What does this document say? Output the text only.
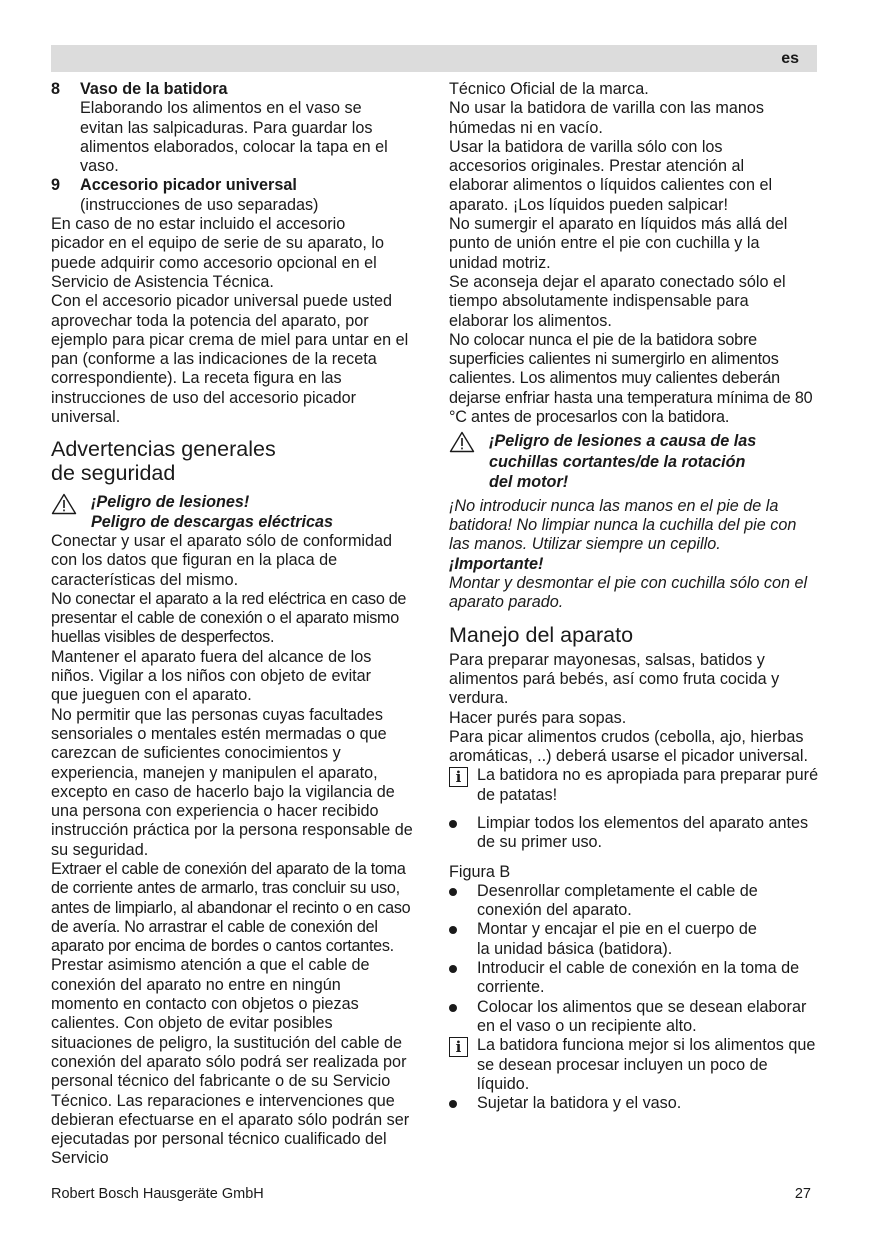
es
8	Vaso de la batidora

Elaborando los alimentos en el vaso se evitan las salpicaduras. Para guardar los alimentos elaborados, colocar la tapa en el vaso.

9	Accesorio picador universal

(instrucciones de uso separadas)

En caso de no estar incluido el accesorio picador en el equipo de serie de su aparato, lo puede adquirir como accesorio opcional en el Servicio de Asistencia Técnica.

Con el accesorio picador universal puede usted aprovechar toda la potencia del aparato, por ejemplo para picar crema de miel para untar en el pan (conforme a las indicaciones de la receta correspondiente). La receta figura en las instrucciones de uso del accesorio picador universal.

Advertencias generales
de seguridad

¡Peligro de lesiones!

Peligro de descargas eléctricas

Conectar y usar el aparato sólo de conformidad con los datos que figuran en la placa de características del mismo.

No conectar el aparato a la red eléctrica en caso de presentar el cable de conexión o el aparato mismo huellas visibles de desperfectos.

Mantener el aparato fuera del alcance de los niños. Vigilar a los niños con objeto de evitar que jueguen con el aparato.

No permitir que las personas cuyas facultades sensoriales o mentales estén mermadas o que carezcan de suficientes conocimientos y experiencia, manejen y manipulen el aparato, excepto en caso de hacerlo bajo la vigilancia de una persona con experiencia o hacer recibido instrucción práctica por la persona responsable de su seguridad.

Extraer el cable de conexión del aparato de la toma de corriente antes de armarlo, tras concluir su uso, antes de limpiarlo, al abandonar el recinto o en caso de avería. No arrastrar el cable de conexión del aparato por encima de bordes o cantos cortantes.

Prestar asimismo atención a que el cable de conexión del aparato no entre en ningún momento en contacto con objetos o piezas calientes. Con objeto de evitar posibles situaciones de peligro, la sustitución del cable de conexión del aparato sólo podrá ser realizada por personal técnico del fabricante o de su Servicio Técnico. Las reparaciones e intervenciones que debieran efectuarse en el aparato sólo podrán ser ejecutadas por personal técnico cualificado del Servicio

Técnico Oficial de la marca.

No usar la batidora de varilla con las manos húmedas ni en vacío.

Usar la batidora de varilla sólo con los accesorios originales. Prestar atención al elaborar alimentos o líquidos calientes con el aparato. ¡Los líquidos pueden salpicar!

No sumergir el aparato en líquidos más allá del punto de unión entre el pie con cuchilla y la unidad motriz.

Se aconseja dejar el aparato conectado sólo el tiempo absolutamente indispensable para elaborar los alimentos.

No colocar nunca el pie de la batidora sobre superficies calientes ni sumergirlo en alimentos calientes. Los alimentos muy calientes deberán dejarse enfriar hasta una temperatura mínima de 80 °C antes de procesarlos con la batidora.

¡Peligro de lesiones a causa de las

cuchillas cortantes/de la rotación

del motor!

¡No introducir nunca las manos en el pie de la batidora! No limpiar nunca la cuchilla del pie con las manos. Utilizar siempre un cepillo.

¡Importante!

Montar y desmontar el pie con cuchilla sólo con el aparato parado.

Manejo del aparato

Para preparar mayonesas, salsas, batidos y alimentos pará bebés, así como fruta cocida y verdura.

Hacer purés para sopas.

Para picar alimentos crudos (cebolla, ajo, hierbas aromáticas, ..) deberá usarse el picador universal.

i La batidora no es apropiada para preparar puré de patatas!

Limpiar todos los elementos del aparato antes de su primer uso.

Figura B

Desenrollar completamente el cable de conexión del aparato.

Montar y encajar el pie en el cuerpo de la unidad básica (batidora).

Introducir el cable de conexión en la toma de corriente.

Colocar los alimentos que se desean elaborar en el vaso o un recipiente alto.

i La batidora funciona mejor si los alimentos que se desean procesar incluyen un poco de líquido.

Sujetar la batidora y el vaso.

Robert Bosch Hausgeräte GmbH	27
